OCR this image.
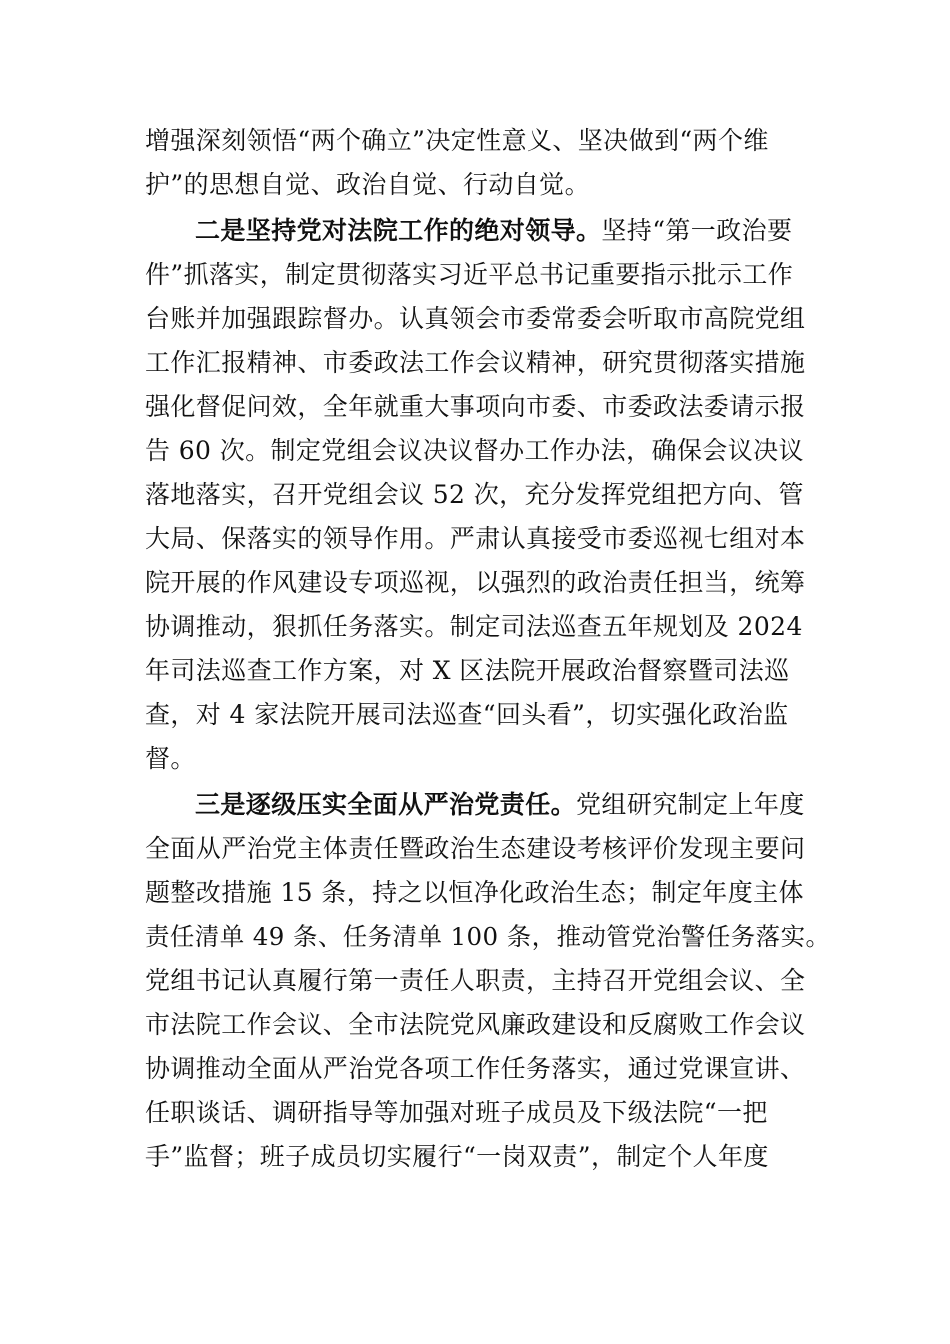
增强深刻领悟“两个确立”决定性意义、坚决做到“两个维
护”的思想自觉、政治自觉、行动自觉。
二是坚持党对法院工作的绝对领导。坚持“第一政治要
件”抓落实，制定贯彻落实习近平总书记重要指示批示工作
台账并加强跟踪督办。认真领会市委常委会听取市高院党组
工作汇报精神、市委政法工作会议精神，研究贯彻落实措施
强化督促问效，全年就重大事项向市委、市委政法委请示报
告 60 次。制定党组会议决议督办工作办法，确保会议决议
落地落实，召开党组会议 52 次，充分发挥党组把方向、管
大局、保落实的领导作用。严肃认真接受市委巡视七组对本
院开展的作风建设专项巡视，以强烈的政治责任担当，统筹
协调推动，狠抓任务落实。制定司法巡查五年规划及 2024
年司法巡查工作方案，对 X 区法院开展政治督察暨司法巡
查，对 4 家法院开展司法巡查“回头看”，切实强化政治监
督。
三是逐级压实全面从严治党责任。党组研究制定上年度
全面从严治党主体责任暨政治生态建设考核评价发现主要问
题整改措施 15 条，持之以恒净化政治生态；制定年度主体
责任清单 49 条、任务清单 100 条，推动管党治警任务落实。
党组书记认真履行第一责任人职责，主持召开党组会议、全
市法院工作会议、全市法院党风廉政建设和反腐败工作会议
协调推动全面从严治党各项工作任务落实，通过党课宣讲、
任职谈话、调研指导等加强对班子成员及下级法院“一把
手”监督；班子成员切实履行“一岗双责”，制定个人年度
